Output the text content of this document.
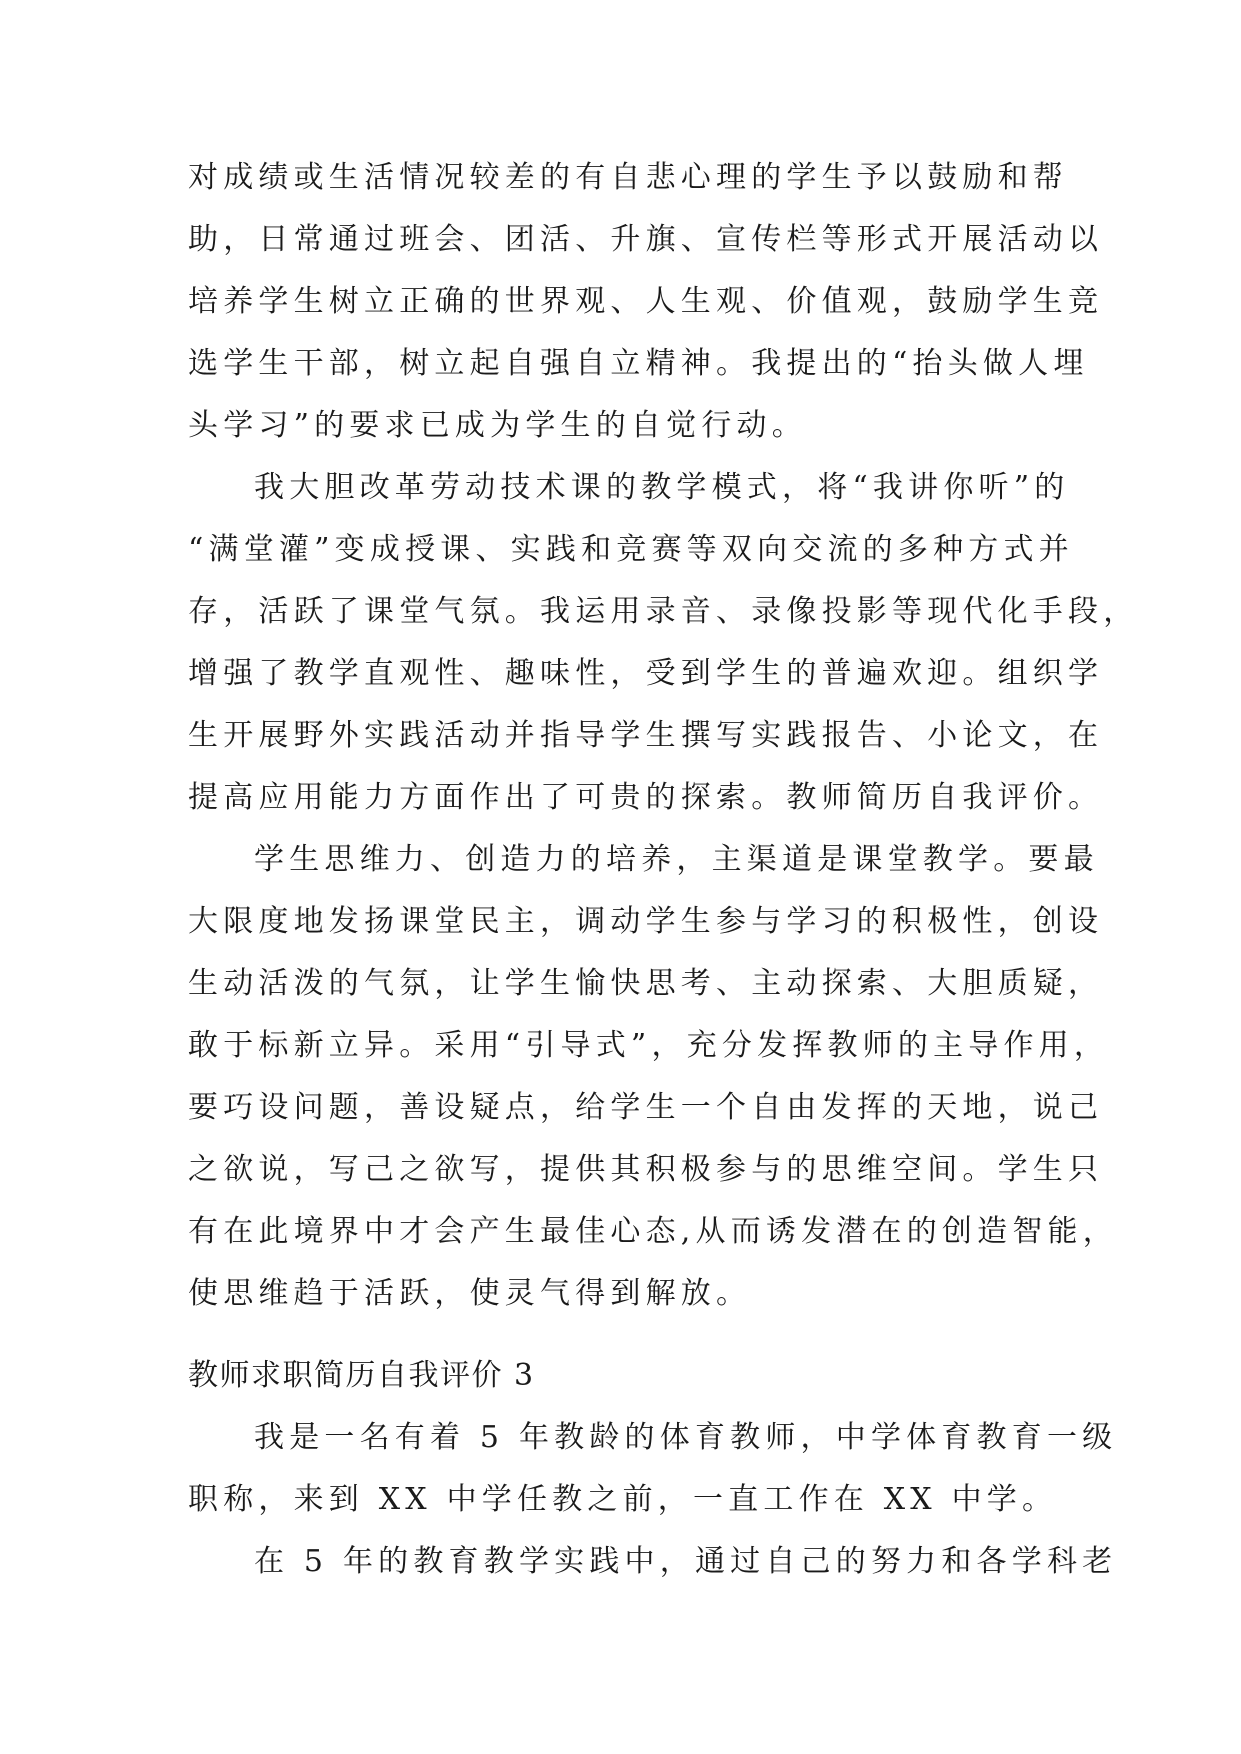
对成绩或生活情况较差的有自悲心理的学生予以鼓励和帮
助，日常通过班会、团活、升旗、宣传栏等形式开展活动以
培养学生树立正确的世界观、人生观、价值观，鼓励学生竞
选学生干部，树立起自强自立精神。我提出的“抬头做人埋
头学习”的要求已成为学生的自觉行动。
我大胆改革劳动技术课的教学模式，将“我讲你听”的
“满堂灌”变成授课、实践和竞赛等双向交流的多种方式并
存，活跃了课堂气氛。我运用录音、录像投影等现代化手段，
增强了教学直观性、趣味性，受到学生的普遍欢迎。组织学
生开展野外实践活动并指导学生撰写实践报告、小论文，在
提高应用能力方面作出了可贵的探索。教师简历自我评价。
学生思维力、创造力的培养，主渠道是课堂教学。要最
大限度地发扬课堂民主，调动学生参与学习的积极性，创设
生动活泼的气氛，让学生愉快思考、主动探索、大胆质疑，
敢于标新立异。采用“引导式”，充分发挥教师的主导作用，
要巧设问题，善设疑点，给学生一个自由发挥的天地，说己
之欲说，写己之欲写，提供其积极参与的思维空间。学生只
有在此境界中才会产生最佳心态,从而诱发潜在的创造智能，
使思维趋于活跃，使灵气得到解放。
教师求职简历自我评价 3
我是一名有着 5 年教龄的体育教师，中学体育教育一级
职称，来到 XX 中学任教之前，一直工作在 XX 中学。
在 5 年的教育教学实践中，通过自己的努力和各学科老
